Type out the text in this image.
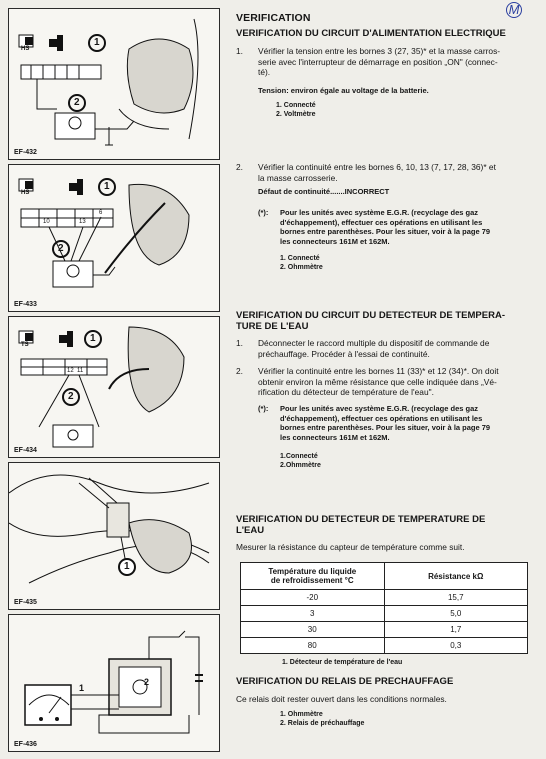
HS
1
2
EF-432
HS
10	13
6
1
2
EF-433
TS
12 11
1
2
EF-434
1
EF-435
1
2
EF-436
M
VERIFICATION
VERIFICATION DU CIRCUIT D'ALIMENTATION ELECTRIQUE
1. Vérifier la tension entre les bornes 3 (27, 35)* et la masse carros-
serie avec l'interrupteur de démarrage en position „ON" (connec-
té).
Tension: environ égale au voltage de la batterie.
1. Connecté
2. Voltmètre
2. Vérifier la continuité entre les bornes 6, 10, 13 (7, 17, 28, 36)* et
la masse carrosserie.
Défaut de continuité.......INCORRECT
(*): Pour les unités avec système E.G.R. (recyclage des gaz
d'échappement), effectuer ces opérations en utilisant les
bornes entre parenthèses. Pour les situer, voir à la page 79
les connecteurs 161M et 162M.
1. Connecté
2. Ohmmètre
VERIFICATION DU CIRCUIT DU DETECTEUR DE TEMPERA-
TURE DE L'EAU
1. Déconnecter le raccord multiple du dispositif de commande de
préchauffage. Procéder à l'essai de continuité.
2. Vérifier la continuité entre les bornes 11 (33)* et 12 (34)*. On doit
obtenir environ la même résistance que celle indiquée dans „Vé-
rification du détecteur de température de l'eau".
(*): Pour les unités avec système E.G.R. (recyclage des gaz
d'échappement), effectuer ces opérations en utilisant les
bornes entre parenthèses. Pour les situer, voir à la page 79
les connecteurs 161M et 162M.
1.Connecté
2.Ohmmètre
VERIFICATION DU DETECTEUR DE TEMPERATURE DE
L'EAU
Mesurer la résistance du capteur de température comme suit.
Température du liquide
de refroidissement °C	Résistance kΩ
-20	15,7
3	5,0
30	1,7
80	0,3
1. Détecteur de température de l'eau
VERIFICATION DU RELAIS DE PRECHAUFFAGE
Ce relais doit rester ouvert dans les conditions normales.
1. Ohmmètre
2. Relais de préchauffage
